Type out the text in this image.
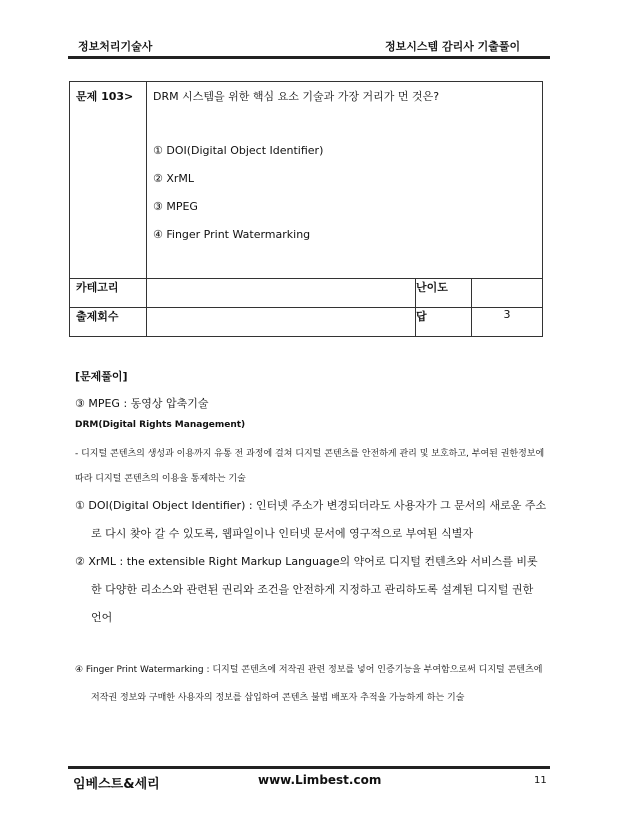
정보처리기술사	정보시스템 감리사 기출풀이
문제 103>	DRM 시스템을 위한 핵심 요소 기술과 가장 거리가 먼 것은?
① DOI(Digital Object Identifier)
② XrML
③ MPEG
④ Finger Print Watermarking		

카테고리		난이도	
출제회수		답	3

[문제풀이]

③ MPEG : 동영상 압축기술

DRM(Digital Rights Management)

- 디지털 콘텐츠의 생성과 이용까지 유통 전 과정에 걸쳐 디지털 콘텐츠를 안전하게 관리 및 보호하고, 부여된 권한정보에 따라 디지털 콘텐츠의 이용을 통제하는 기술

① DOI(Digital Object Identifier) : 인터넷 주소가 변경되더라도 사용자가 그 문서의 새로운 주소로 다시 찾아 갈 수 있도록, 웹파일이나 인터넷 문서에 영구적으로 부여된 식별자

② XrML : the extensible Right Markup Language의 약어로 디지털 컨텐츠와 서비스를 비롯한 다양한 리소스와 관련된 권리와 조건을 안전하게 지정하고 관리하도록 설계된 디지털 권한 언어

④ Finger Print Watermarking : 디지털 콘텐츠에 저작권 관련 정보를 넣어 인증기능을 부여함으로써 디지털 콘텐츠에 저작권 정보와 구매한 사용자의 정보를 삽입하여 콘텐츠 불법 배포자 추적을 가능하게 하는 기술

임베스트&세리	www.Limbest.com	11
